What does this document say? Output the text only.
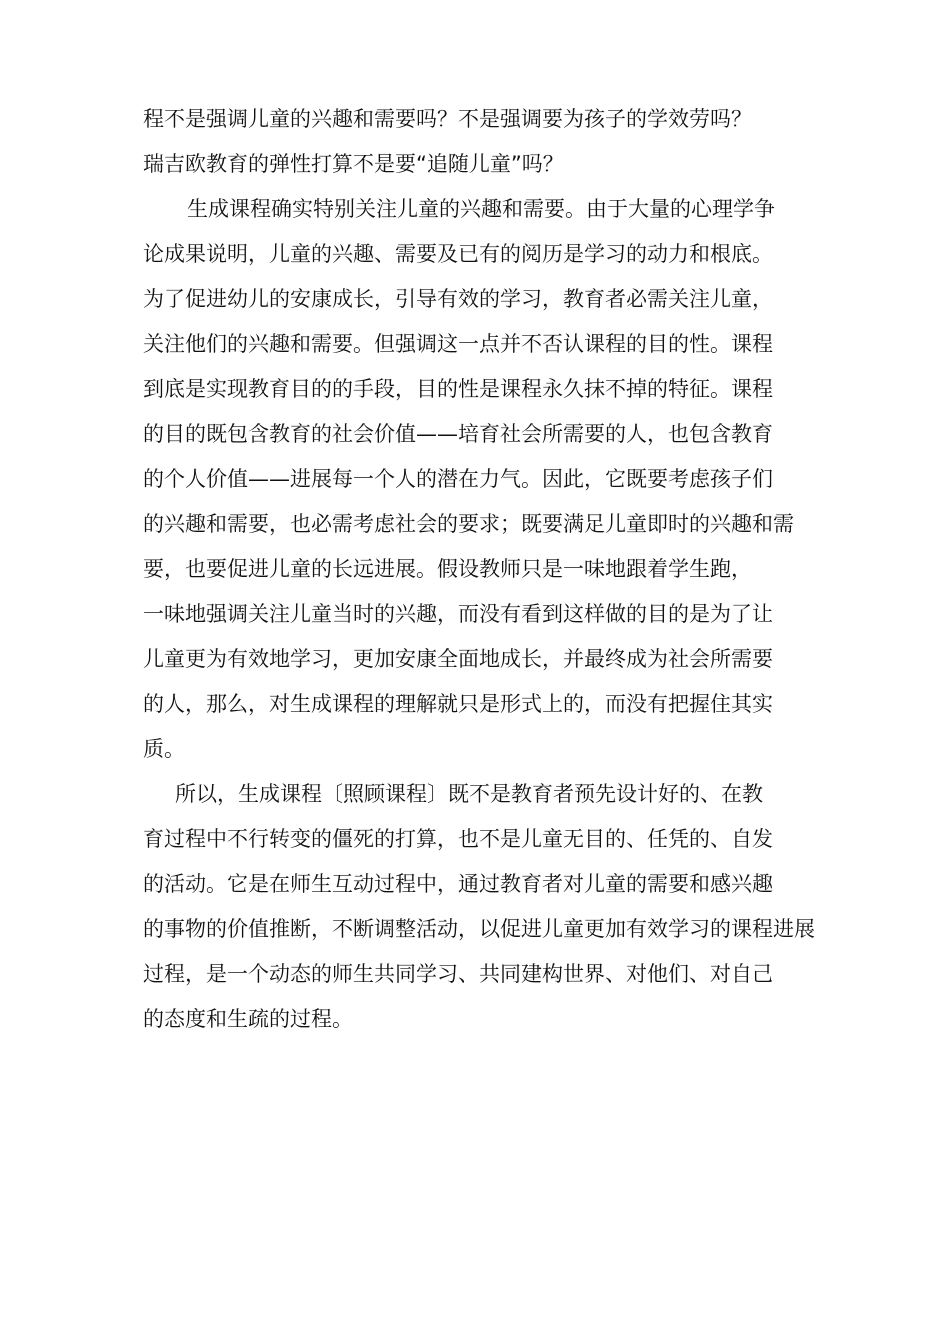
程不是强调儿童的兴趣和需要吗？不是强调要为孩子的学效劳吗？
瑞吉欧教育的弹性打算不是要“追随儿童”吗？
生成课程确实特别关注儿童的兴趣和需要。由于大量的心理学争
论成果说明，儿童的兴趣、需要及已有的阅历是学习的动力和根底。
为了促进幼儿的安康成长，引导有效的学习，教育者必需关注儿童，
关注他们的兴趣和需要。但强调这一点并不否认课程的目的性。课程
到底是实现教育目的的手段，目的性是课程永久抹不掉的特征。课程
的目的既包含教育的社会价值——培育社会所需要的人，也包含教育
的个人价值——进展每一个人的潜在力气。因此，它既要考虑孩子们
的兴趣和需要，也必需考虑社会的要求；既要满足儿童即时的兴趣和需
要，也要促进儿童的长远进展。假设教师只是一味地跟着学生跑，
一味地强调关注儿童当时的兴趣，而没有看到这样做的目的是为了让
儿童更为有效地学习，更加安康全面地成长，并最终成为社会所需要
的人，那么，对生成课程的理解就只是形式上的，而没有把握住其实
质。
所以，生成课程〔照顾课程〕既不是教育者预先设计好的、在教
育过程中不行转变的僵死的打算，也不是儿童无目的、任凭的、自发
的活动。它是在师生互动过程中，通过教育者对儿童的需要和感兴趣
的事物的价值推断，不断调整活动，以促进儿童更加有效学习的课程进展
过程，是一个动态的师生共同学习、共同建构世界、对他们、对自己
的态度和生疏的过程。
